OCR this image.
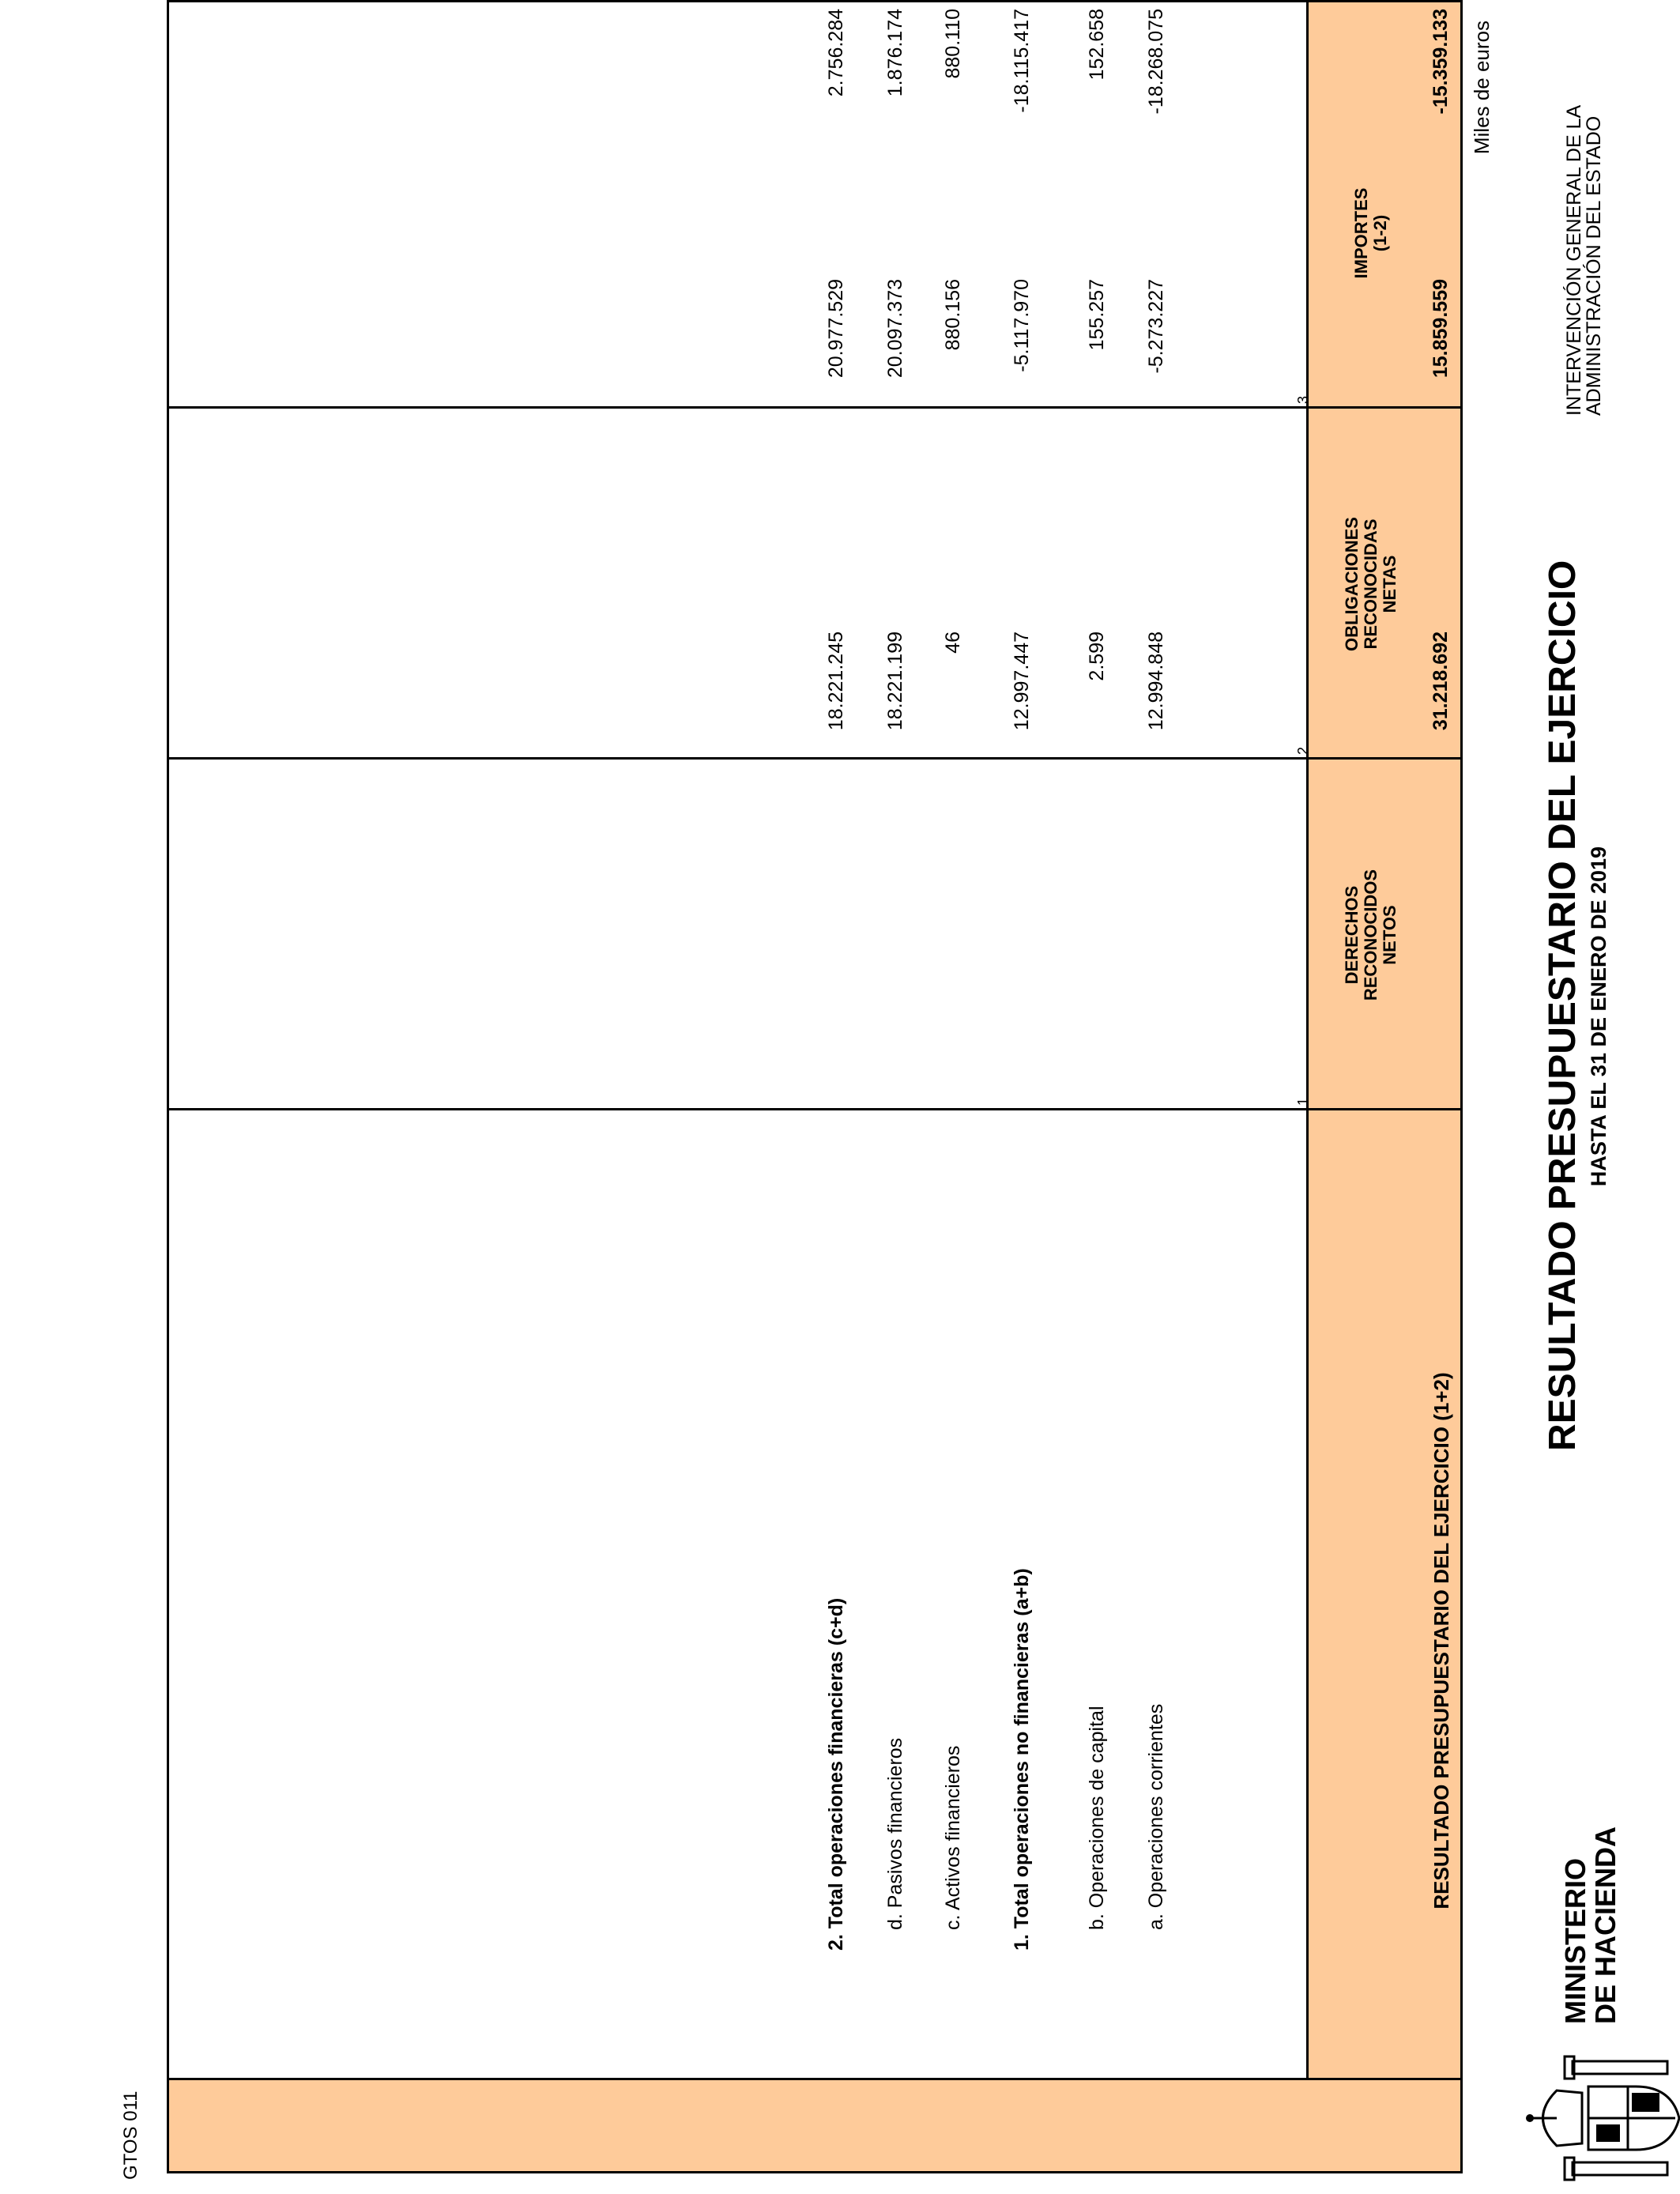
MINISTERIO
DE HACIENDA
RESULTADO PRESUPUESTARIO DEL EJERCICIO HASTA EL 31 DE ENERO DE 2019
INTERVENCIÓN GENERAL DE LA
ADMINISTRACIÓN DEL ESTADO
Miles de euros
GTOS 011
DERECHOS RECONOCIDOS NETOS
OBLIGACIONES RECONOCIDAS NETAS
IMPORTES (1-2)
1
2
3
a. Operaciones corrientes
-5.273.227
12.994.848
-18.268.075
b. Operaciones de capital
155.257
2.599
152.658
1. Total operaciones no financieras (a+b)
-5.117.970
12.997.447
-18.115.417
c. Activos financieros
880.156
46
880.110
d. Pasivos financieros
20.097.373
18.221.199
1.876.174
2. Total operaciones financieras (c+d)
20.977.529
18.221.245
2.756.284
RESULTADO PRESUPUESTARIO DEL EJERCICIO (1+2)
15.859.559
31.218.692
-15.359.133
